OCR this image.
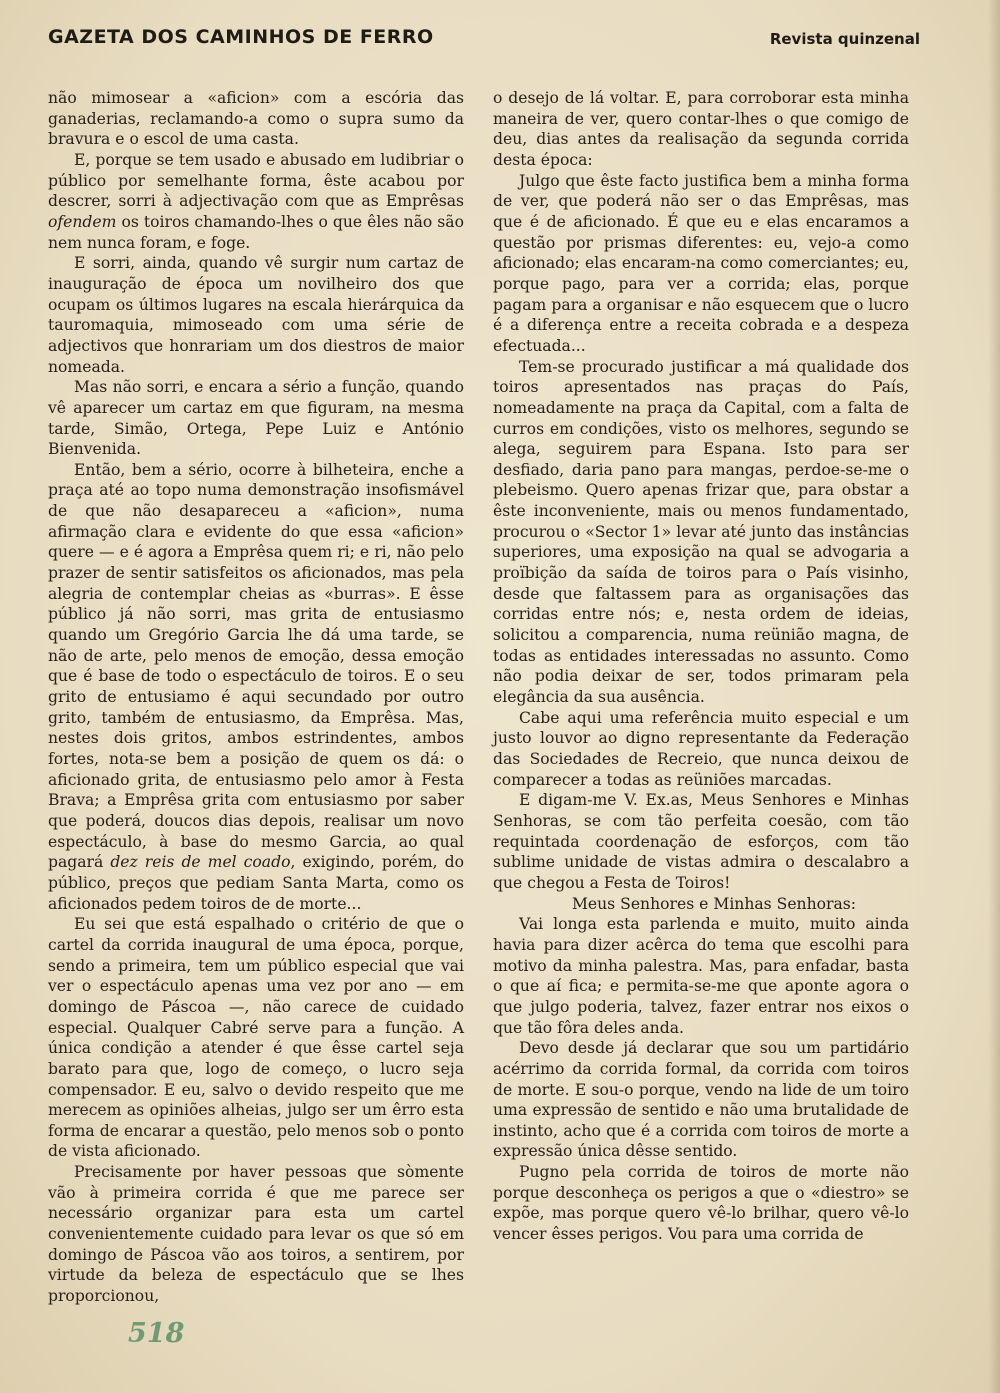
GAZETA DOS CAMINHOS DE FERRO	Revista quinzenal

não mimosear a «aficion» com a escória das ganaderias, reclamando-a como o supra sumo da bravura e o escol de uma casta.

E, porque se tem usado e abusado em ludibriar o público por semelhante forma, êste acabou por descrer, sorri à adjectivação com que as Emprêsas ofendem os toiros chamando-lhes o que êles não são nem nunca foram, e foge.

E sorri, ainda, quando vê surgir num cartaz de inauguração de época um novilheiro dos que ocupam os últimos lugares na escala hierárquica da tauromaquia, mimoseado com uma série de adjectivos que honrariam um dos diestros de maior nomeada.

Mas não sorri, e encara a sério a função, quando vê aparecer um cartaz em que figuram, na mesma tarde, Simão, Ortega, Pepe Luiz e António Bienvenida.

Então, bem a sério, ocorre à bilheteira, enche a praça até ao topo numa demonstração insofismável de que não desapareceu a «aficion», numa afirmação clara e evidente do que essa «aficion» quere — e é agora a Emprêsa quem ri; e ri, não pelo prazer de sentir satisfeitos os aficionados, mas pela alegria de contemplar cheias as «burras». E êsse público já não sorri, mas grita de entusiasmo quando um Gregório Garcia lhe dá uma tarde, se não de arte, pelo menos de emoção, dessa emoção que é base de todo o espectáculo de toiros. E o seu grito de entusiamo é aqui secundado por outro grito, também de entusiasmo, da Emprêsa. Mas, nestes dois gritos, ambos estrindentes, ambos fortes, nota-se bem a posição de quem os dá: o aficionado grita, de entusiasmo pelo amor à Festa Brava; a Emprêsa grita com entusiasmo por saber que poderá, doucos dias depois, realisar um novo espectáculo, à base do mesmo Garcia, ao qual pagará dez reis de mel coado, exigindo, porém, do público, preços que pediam Santa Marta, como os aficionados pedem toiros de de morte...

Eu sei que está espalhado o critério de que o cartel da corrida inaugural de uma época, porque, sendo a primeira, tem um público especial que vai ver o espectáculo apenas uma vez por ano — em domingo de Páscoa —, não carece de cuidado especial. Qualquer Cabré serve para a função. A única condição a atender é que êsse cartel seja barato para que, logo de começo, o lucro seja compensador. E eu, salvo o devido respeito que me merecem as opiniões alheias, julgo ser um êrro esta forma de encarar a questão, pelo menos sob o ponto de vista aficionado.

Precisamente por haver pessoas que sòmente vão à primeira corrida é que me parece ser necessário organizar para esta um cartel convenientemente cuidado para levar os que só em domingo de Páscoa vão aos toiros, a sentirem, por virtude da beleza de espectáculo que se lhes proporcionou,

o desejo de lá voltar. E, para corroborar esta minha maneira de ver, quero contar-lhes o que comigo de deu, dias antes da realisação da segunda corrida desta época:

Julgo que êste facto justifica bem a minha forma de ver, que poderá não ser o das Emprêsas, mas que é de aficionado. É que eu e elas encaramos a questão por prismas diferentes: eu, vejo-a como aficionado; elas encaram-na como comerciantes; eu, porque pago, para ver a corrida; elas, porque pagam para a organisar e não esquecem que o lucro é a diferença entre a receita cobrada e a despeza efectuada...

Tem-se procurado justificar a má qualidade dos toiros apresentados nas praças do País, nomeadamente na praça da Capital, com a falta de curros em condições, visto os melhores, segundo se alega, seguirem para Espana. Isto para ser desfiado, daria pano para mangas, perdoe-se-me o plebeismo. Quero apenas frizar que, para obstar a êste inconveniente, mais ou menos fundamentado, procurou o «Sector 1» levar até junto das instâncias superiores, uma exposição na qual se advogaria a proïbição da saída de toiros para o País visinho, desde que faltassem para as organisações das corridas entre nós; e, nesta ordem de ideias, solicitou a comparencia, numa reünião magna, de todas as entidades interessadas no assunto. Como não podia deixar de ser, todos primaram pela elegância da sua ausência.

Cabe aqui uma referência muito especial e um justo louvor ao digno representante da Federação das Sociedades de Recreio, que nunca deixou de comparecer a todas as reüniões marcadas.

E digam-me V. Ex.as, Meus Senhores e Minhas Senhoras, se com tão perfeita coesão, com tão requintada coordenação de esforços, com tão sublime unidade de vistas admira o descalabro a que chegou a Festa de Toiros!

Meus Senhores e Minhas Senhoras:

Vai longa esta parlenda e muito, muito ainda havia para dizer acêrca do tema que escolhi para motivo da minha palestra. Mas, para enfadar, basta o que aí fica; e permita-se-me que aponte agora o que julgo poderia, talvez, fazer entrar nos eixos o que tão fôra deles anda.

Devo desde já declarar que sou um partidário acérrimo da corrida formal, da corrida com toiros de morte. E sou-o porque, vendo na lide de um toiro uma expressão de sentido e não uma brutalidade de instinto, acho que é a corrida com toiros de morte a expressão única dêsse sentido.

Pugno pela corrida de toiros de morte não porque desconheça os perigos a que o «diestro» se expõe, mas porque quero vê-lo brilhar, quero vê-lo vencer êsses perigos. Vou para uma corrida de

518
